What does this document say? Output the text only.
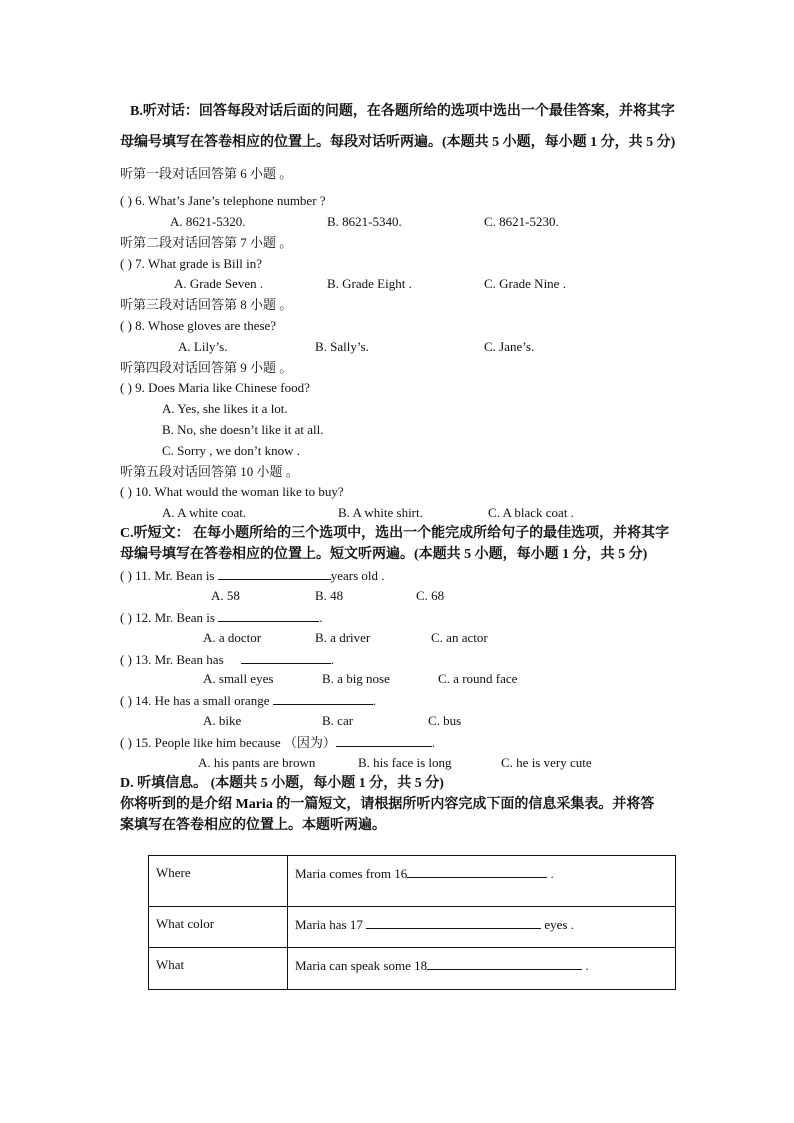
B.听对话：回答每段对话后面的问题，在各题所给的选项中选出一个最佳答案，并将其字
母编号填写在答卷相应的位置上。每段对话听两遍。(本题共 5 小题，每小题 1 分，共 5 分)
听第一段对话回答第 6 小题 。
( ) 6. What’s Jane’s telephone number ?
A. 8621-5320.	B. 8621-5340.	C. 8621-5230.
听第二段对话回答第 7 小题 。
( ) 7. What grade is Bill in?
A. Grade Seven .	B. Grade Eight .	C. Grade Nine .
听第三段对话回答第 8 小题 。
( ) 8. Whose gloves are these?
A. Lily’s.	B. Sally’s.	C. Jane’s.
听第四段对话回答第 9 小题 。
( ) 9. Does Maria like Chinese food?
A. Yes, she likes it a lot.
B. No, she doesn’t like it at all.
C. Sorry , we don’t know .
听第五段对话回答第 10 小题 。
( ) 10. What would the woman like to buy?
A. A white coat.	B. A white shirt.	C. A black coat .
C.听短文： 在每小题所给的三个选项中，选出一个能完成所给句子的最佳选项，并将其字
母编号填写在答卷相应的位置上。短文听两遍。(本题共 5 小题，每小题 1 分，共 5 分)
( ) 11. Mr. Bean is	years old .
A. 58	B. 48	C. 68
( ) 12. Mr. Bean is	.
A. a doctor	B. a driver	C. an actor
( ) 13. Mr. Bean has	.
A. small eyes	B. a big nose	C. a round face
( ) 14. He has a small orange	.
A. bike	B. car	C. bus
( ) 15. People like him because （因为）	.
A. his pants are brown	B. his face is long	C. he is very cute
D. 听填信息。 (本题共 5 小题，每小题 1 分，共 5 分)
你将听到的是介绍 Maria 的一篇短文，请根据所听内容完成下面的信息采集表。并将答
案填写在答卷相应的位置上。本题听两遍。
Where	Maria comes from 16 .
What color	Maria has 17 eyes .
What	Maria can speak some 18 .
